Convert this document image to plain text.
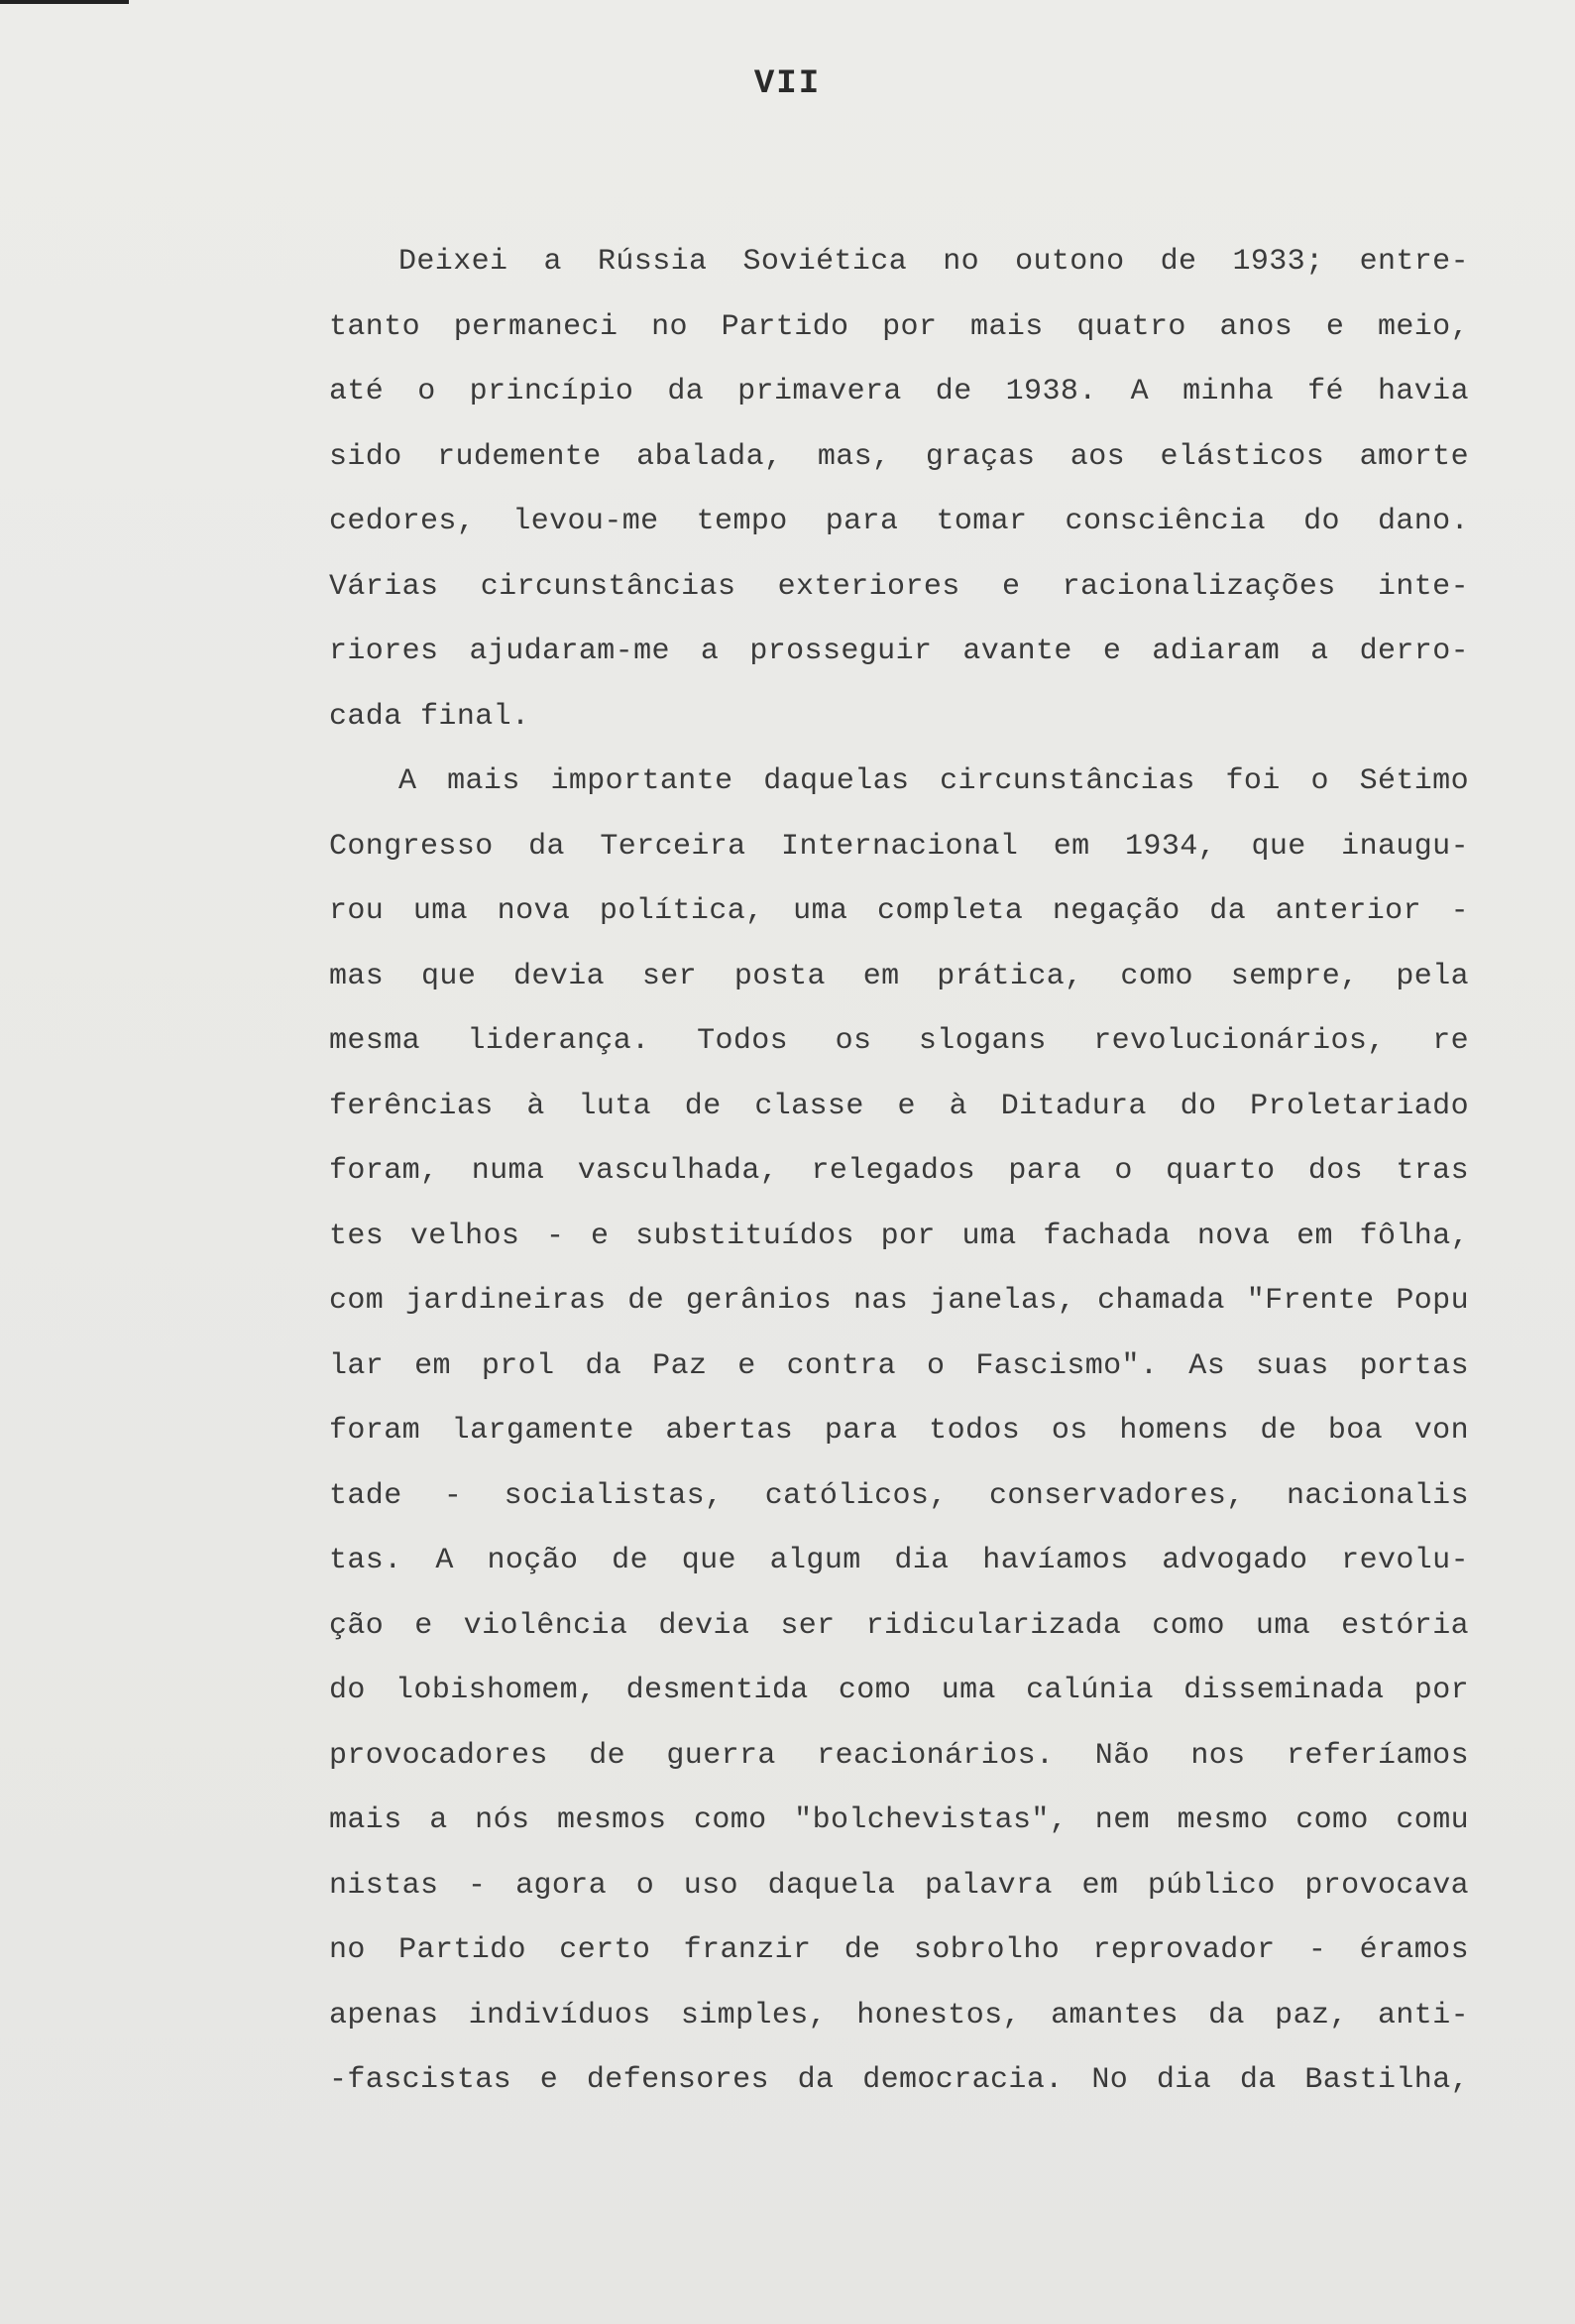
VII
Deixei a Rússia Soviética no outono de 1933; entre-
tanto permaneci no Partido por mais quatro anos e meio,
até o princípio da primavera de 1938. A minha fé havia
sido rudemente abalada, mas, graças aos elásticos amorte
cedores, levou-me tempo para tomar consciência do dano.
Várias circunstâncias exteriores e racionalizações inte-
riores ajudaram-me a prosseguir avante e adiaram a derro-
cada final.
A mais importante daquelas circunstâncias foi o Sétimo
Congresso da Terceira Internacional em 1934, que inaugu-
rou uma nova política, uma completa negação da anterior -
mas que devia ser posta em prática, como sempre, pela
mesma liderança. Todos os slogans revolucionários, re
ferências à luta de classe e à Ditadura do Proletariado
foram, numa vasculhada, relegados para o quarto dos tras
tes velhos - e substituídos por uma fachada nova em fôlha,
com jardineiras de gerânios nas janelas, chamada "Frente Popu
lar em prol da Paz e contra o Fascismo". As suas portas
foram largamente abertas para todos os homens de boa von
tade - socialistas, católicos, conservadores, nacionalis
tas. A noção de que algum dia havíamos advogado revolu-
ção e violência devia ser ridicularizada como uma estória
do lobishomem, desmentida como uma calúnia disseminada por
provocadores de guerra reacionários. Não nos referíamos
mais a nós mesmos como "bolchevistas", nem mesmo como comu
nistas - agora o uso daquela palavra em público provocava
no Partido certo franzir de sobrolho reprovador - éramos
apenas indivíduos simples, honestos, amantes da paz, anti-
-fascistas e defensores da democracia. No dia da Bastilha,
